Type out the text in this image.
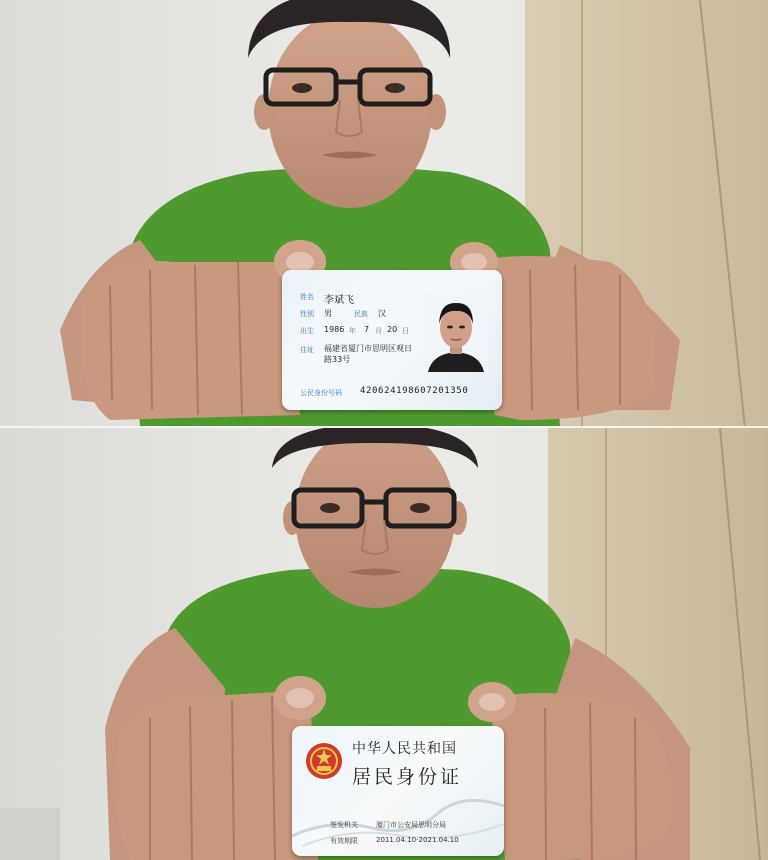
姓名 李斌飞
性别 男	民族 汉
出生 1986 年 7 月 20 日
住址 福建省厦门市思明区观日路33号
公民身份号码 420624198607201350
中华人民共和国
居民身份证
签发机关	厦门市公安局思明分局
有效期限	2011.04.10-2021.04.10
